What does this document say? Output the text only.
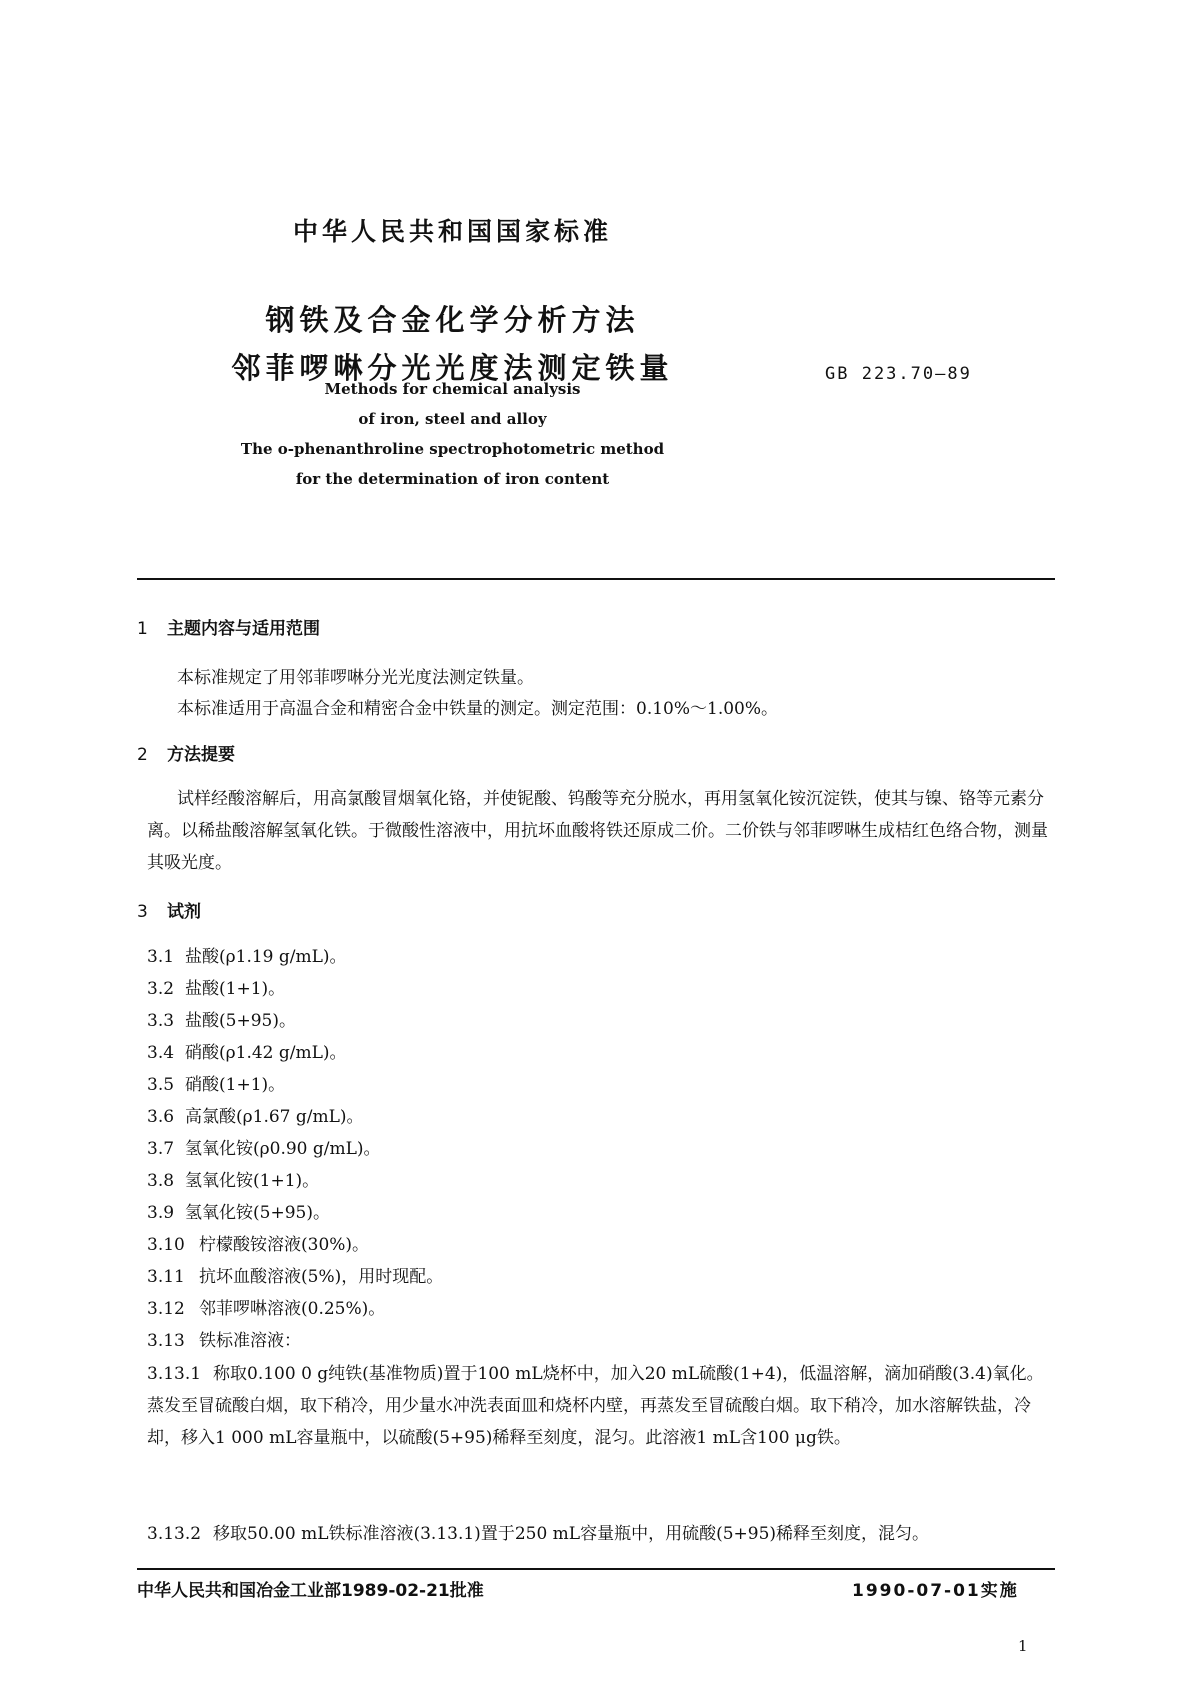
中华人民共和国国家标准
钢铁及合金化学分析方法
邻菲啰啉分光光度法测定铁量	GB 223.70—89
Methods for chemical analysis
of iron, steel and alloy
The o-phenanthroline spectrophotometric method
for the determination of iron content
1 主题内容与适用范围
本标准规定了用邻菲啰啉分光光度法测定铁量。
本标准适用于高温合金和精密合金中铁量的测定。测定范围：0.10%～1.00%。
2 方法提要
试样经酸溶解后，用高氯酸冒烟氧化铬，并使铌酸、钨酸等充分脱水，再用氢氧化铵沉淀铁，使其与镍、铬等元素分离。以稀盐酸溶解氢氧化铁。于微酸性溶液中，用抗坏血酸将铁还原成二价。二价铁与邻菲啰啉生成桔红色络合物，测量其吸光度。
3 试剂
3.1 盐酸(ρ1.19 g/mL)。
3.2 盐酸(1+1)。
3.3 盐酸(5+95)。
3.4 硝酸(ρ1.42 g/mL)。
3.5 硝酸(1+1)。
3.6 高氯酸(ρ1.67 g/mL)。
3.7 氢氧化铵(ρ0.90 g/mL)。
3.8 氢氧化铵(1+1)。
3.9 氢氧化铵(5+95)。
3.10 柠檬酸铵溶液(30%)。
3.11 抗坏血酸溶液(5%)，用时现配。
3.12 邻菲啰啉溶液(0.25%)。
3.13 铁标准溶液：
3.13.1 称取0.100 0 g纯铁(基准物质)置于100 mL烧杯中，加入20 mL硫酸(1+4)，低温溶解，滴加硝酸(3.4)氧化。蒸发至冒硫酸白烟，取下稍冷，用少量水冲洗表面皿和烧杯内壁，再蒸发至冒硫酸白烟。取下稍冷，加水溶解铁盐，冷却，移入1 000 mL容量瓶中，以硫酸(5+95)稀释至刻度，混匀。此溶液1 mL含100 μg铁。
3.13.2 移取50.00 mL铁标准溶液(3.13.1)置于250 mL容量瓶中，用硫酸(5+95)稀释至刻度，混匀。
中华人民共和国冶金工业部1989-02-21批准	1990-07-01实施
1
